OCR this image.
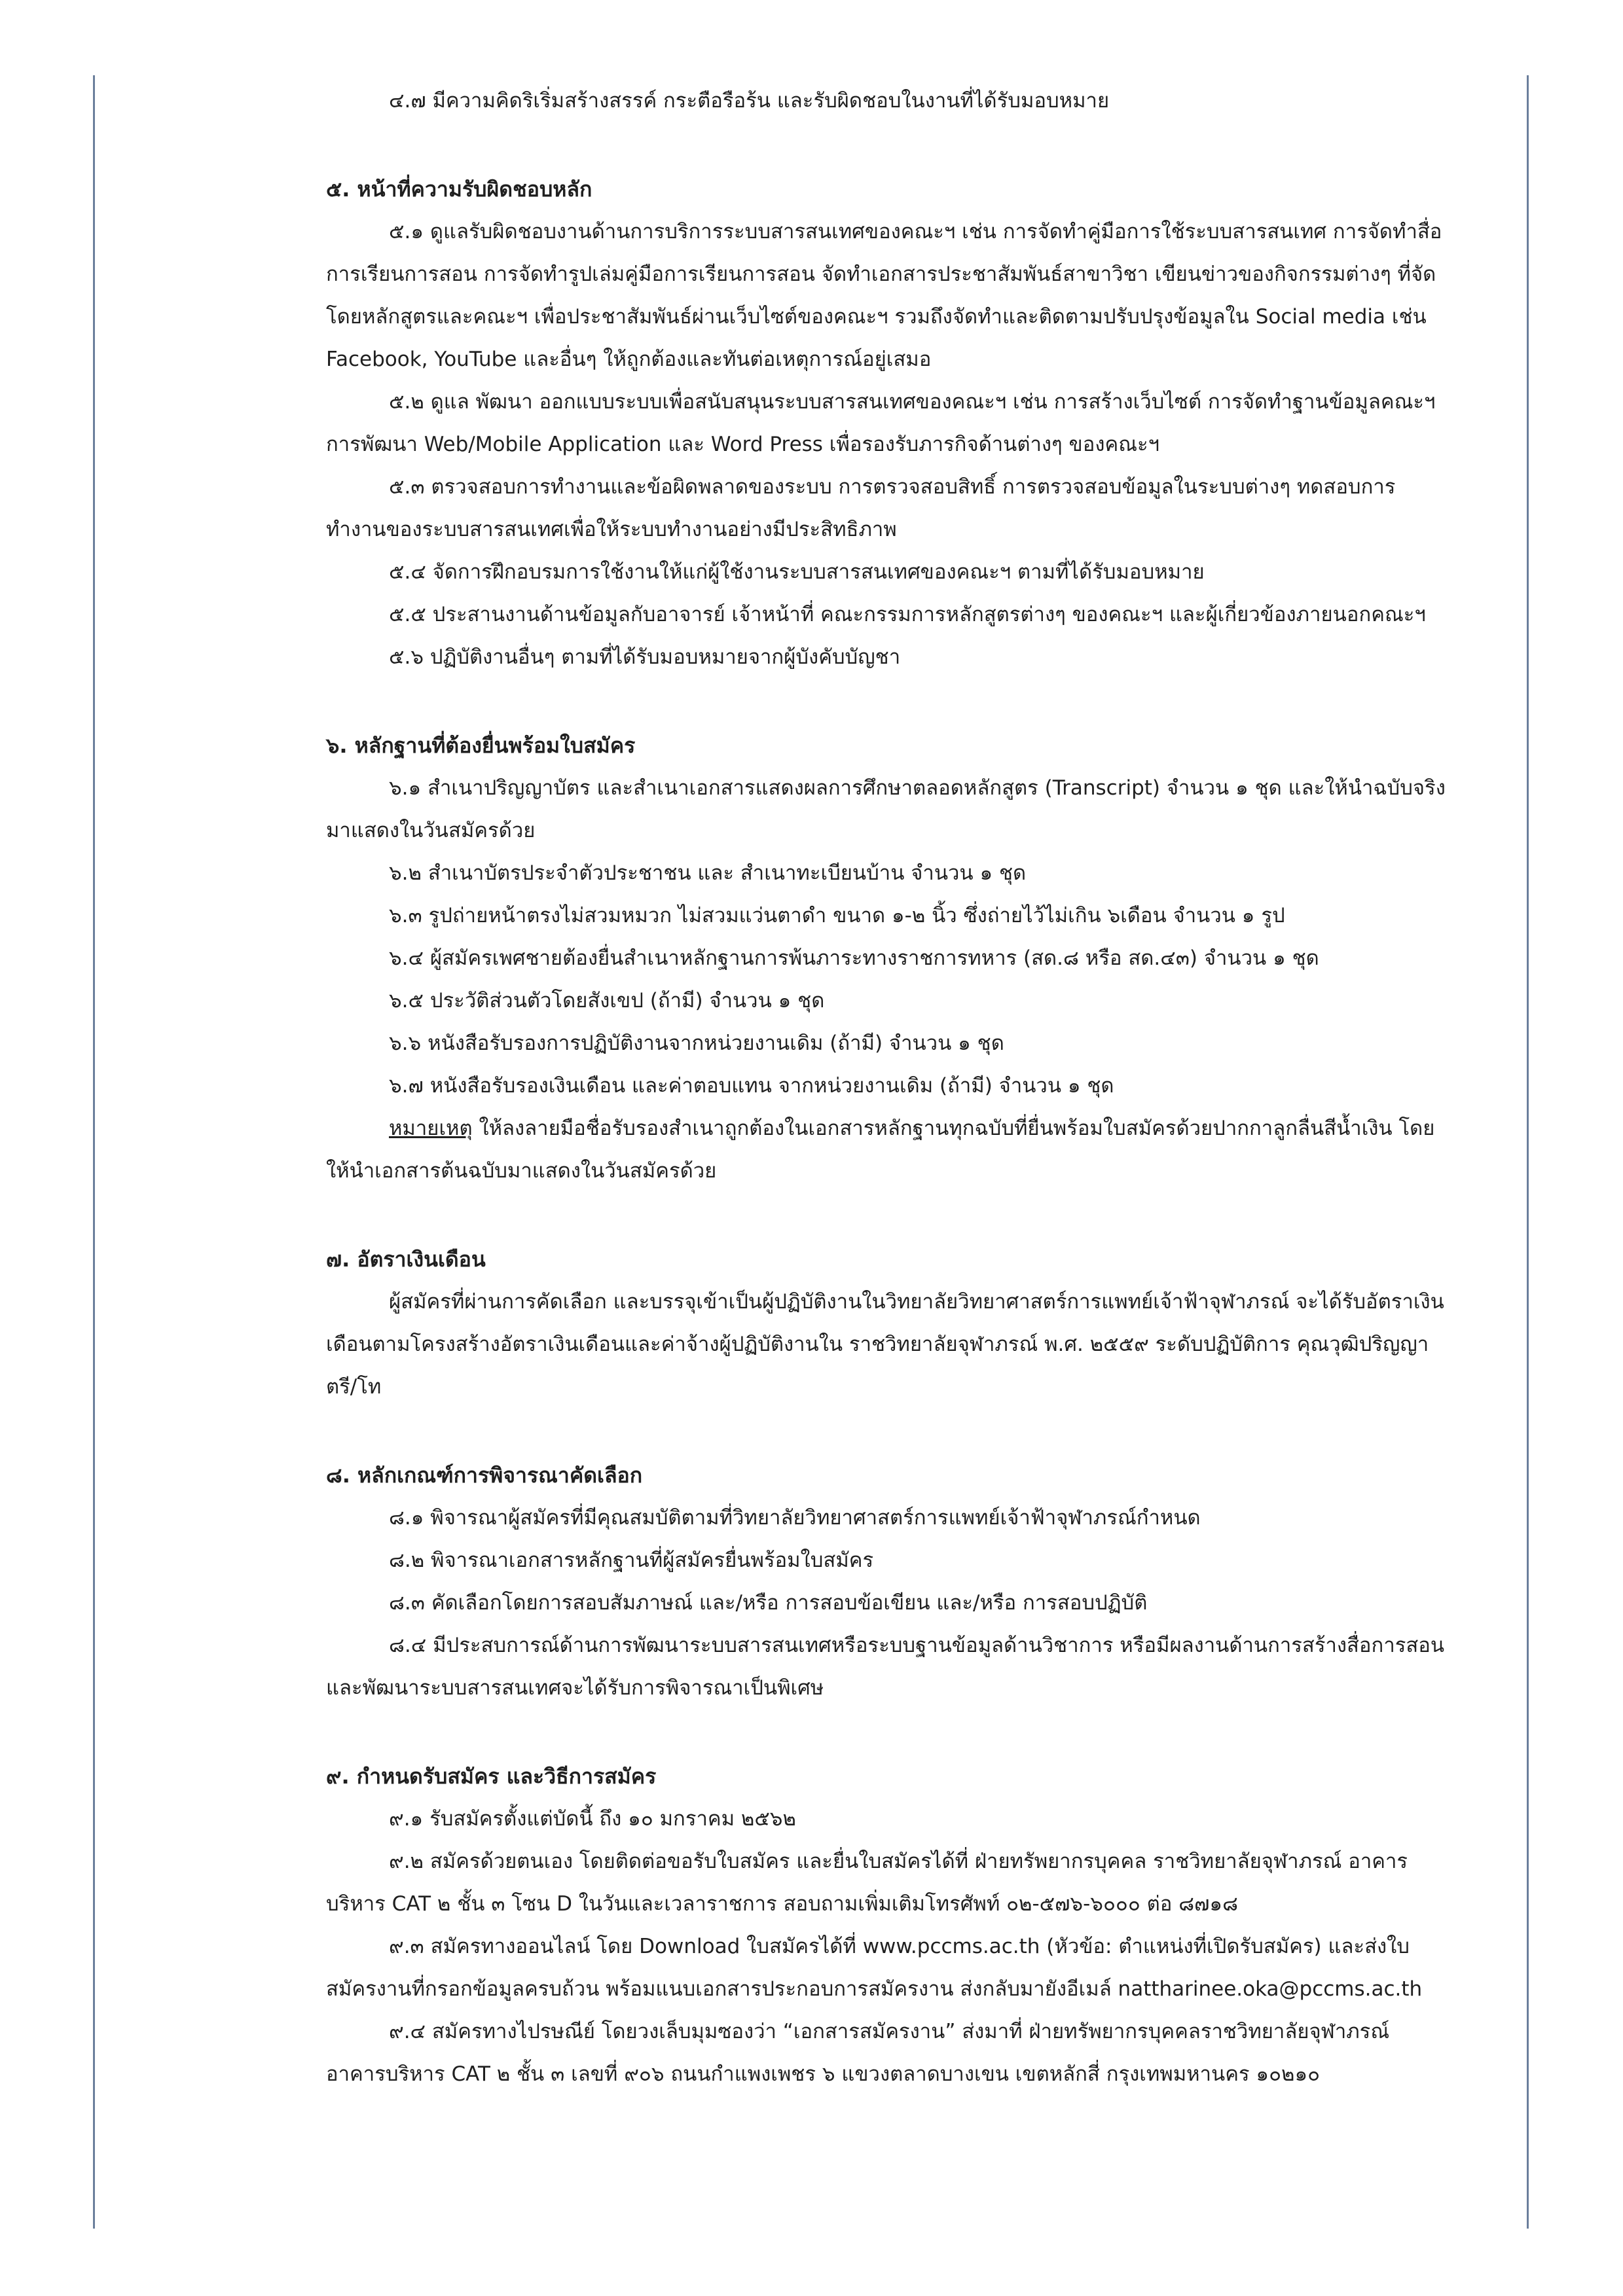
๔.๗ มีความคิดริเริ่มสร้างสรรค์ กระตือรือร้น และรับผิดชอบในงานที่ได้รับมอบหมาย

๕. หน้าที่ความรับผิดชอบหลัก

๕.๑ ดูแลรับผิดชอบงานด้านการบริการระบบสารสนเทศของคณะฯ เช่น การจัดทำคู่มือการใช้ระบบสารสนเทศ การจัดทำสื่อการเรียนการสอน การจัดทำรูปเล่มคู่มือการเรียนการสอน จัดทำเอกสารประชาสัมพันธ์สาขาวิชา เขียนข่าวของกิจกรรมต่างๆ ที่จัดโดยหลักสูตรและคณะฯ เพื่อประชาสัมพันธ์ผ่านเว็บไซต์ของคณะฯ รวมถึงจัดทำและติดตามปรับปรุงข้อมูลใน Social media เช่น Facebook, YouTube และอื่นๆ ให้ถูกต้องและทันต่อเหตุการณ์อยู่เสมอ

๕.๒ ดูแล พัฒนา ออกแบบระบบเพื่อสนับสนุนระบบสารสนเทศของคณะฯ เช่น การสร้างเว็บไซต์ การจัดทำฐานข้อมูลคณะฯ การพัฒนา Web/Mobile Application และ Word Press เพื่อรองรับภารกิจด้านต่างๆ ของคณะฯ

๕.๓ ตรวจสอบการทำงานและข้อผิดพลาดของระบบ การตรวจสอบสิทธิ์ การตรวจสอบข้อมูลในระบบต่างๆ ทดสอบการทำงานของระบบสารสนเทศเพื่อให้ระบบทำงานอย่างมีประสิทธิภาพ

๕.๔ จัดการฝึกอบรมการใช้งานให้แก่ผู้ใช้งานระบบสารสนเทศของคณะฯ ตามที่ได้รับมอบหมาย

๕.๕ ประสานงานด้านข้อมูลกับอาจารย์ เจ้าหน้าที่ คณะกรรมการหลักสูตรต่างๆ ของคณะฯ และผู้เกี่ยวข้องภายนอกคณะฯ

๕.๖ ปฏิบัติงานอื่นๆ ตามที่ได้รับมอบหมายจากผู้บังคับบัญชา

๖. หลักฐานที่ต้องยื่นพร้อมใบสมัคร

๖.๑ สำเนาปริญญาบัตร และสำเนาเอกสารแสดงผลการศึกษาตลอดหลักสูตร (Transcript) จำนวน ๑ ชุด และให้นำฉบับจริงมาแสดงในวันสมัครด้วย

๖.๒ สำเนาบัตรประจำตัวประชาชน และ สำเนาทะเบียนบ้าน จำนวน ๑ ชุด

๖.๓ รูปถ่ายหน้าตรงไม่สวมหมวก ไม่สวมแว่นตาดำ ขนาด ๑-๒ นิ้ว ซึ่งถ่ายไว้ไม่เกิน ๖เดือน จำนวน ๑ รูป

๖.๔ ผู้สมัครเพศชายต้องยื่นสำเนาหลักฐานการพ้นภาระทางราชการทหาร (สด.๘ หรือ สด.๔๓) จำนวน ๑ ชุด

๖.๕ ประวัติส่วนตัวโดยสังเขป (ถ้ามี) จำนวน ๑ ชุด

๖.๖ หนังสือรับรองการปฏิบัติงานจากหน่วยงานเดิม (ถ้ามี) จำนวน ๑ ชุด

๖.๗ หนังสือรับรองเงินเดือน และค่าตอบแทน จากหน่วยงานเดิม (ถ้ามี) จำนวน ๑ ชุด

หมายเหตุ ให้ลงลายมือชื่อรับรองสำเนาถูกต้องในเอกสารหลักฐานทุกฉบับที่ยื่นพร้อมใบสมัครด้วยปากกาลูกลื่นสีน้ำเงิน โดยให้นำเอกสารต้นฉบับมาแสดงในวันสมัครด้วย

๗. อัตราเงินเดือน

ผู้สมัครที่ผ่านการคัดเลือก และบรรจุเข้าเป็นผู้ปฏิบัติงานในวิทยาลัยวิทยาศาสตร์การแพทย์เจ้าฟ้าจุฬาภรณ์ จะได้รับอัตราเงินเดือนตามโครงสร้างอัตราเงินเดือนและค่าจ้างผู้ปฏิบัติงานใน ราชวิทยาลัยจุฬาภรณ์ พ.ศ. ๒๕๕๙ ระดับปฏิบัติการ คุณวุฒิปริญญาตรี/โท

๘. หลักเกณฑ์การพิจารณาคัดเลือก

๘.๑ พิจารณาผู้สมัครที่มีคุณสมบัติตามที่วิทยาลัยวิทยาศาสตร์การแพทย์เจ้าฟ้าจุฬาภรณ์กำหนด

๘.๒ พิจารณาเอกสารหลักฐานที่ผู้สมัครยื่นพร้อมใบสมัคร

๘.๓ คัดเลือกโดยการสอบสัมภาษณ์ และ/หรือ การสอบข้อเขียน และ/หรือ การสอบปฏิบัติ

๘.๔ มีประสบการณ์ด้านการพัฒนาระบบสารสนเทศหรือระบบฐานข้อมูลด้านวิชาการ หรือมีผลงานด้านการสร้างสื่อการสอน และพัฒนาระบบสารสนเทศจะได้รับการพิจารณาเป็นพิเศษ

๙. กำหนดรับสมัคร และวิธีการสมัคร

๙.๑ รับสมัครตั้งแต่บัดนี้ ถึง ๑๐ มกราคม ๒๕๖๒

๙.๒ สมัครด้วยตนเอง โดยติดต่อขอรับใบสมัคร และยื่นใบสมัครได้ที่ ฝ่ายทรัพยากรบุคคล ราชวิทยาลัยจุฬาภรณ์ อาคารบริหาร CAT ๒ ชั้น ๓ โซน D ในวันและเวลาราชการ สอบถามเพิ่มเติมโทรศัพท์ ๐๒-๕๗๖-๖๐๐๐ ต่อ ๘๗๑๘

๙.๓ สมัครทางออนไลน์ โดย Download ใบสมัครได้ที่ www.pccms.ac.th (หัวข้อ: ตำแหน่งที่เปิดรับสมัคร) และส่งใบสมัครงานที่กรอกข้อมูลครบถ้วน พร้อมแนบเอกสารประกอบการสมัครงาน ส่งกลับมายังอีเมล์ nattharinee.oka@pccms.ac.th

๙.๔ สมัครทางไปรษณีย์ โดยวงเล็บมุมซองว่า “เอกสารสมัครงาน” ส่งมาที่ ฝ่ายทรัพยากรบุคคลราชวิทยาลัยจุฬาภรณ์ อาคารบริหาร CAT ๒ ชั้น ๓ เลขที่ ๙๐๖ ถนนกำแพงเพชร ๖ แขวงตลาดบางเขน เขตหลักสี่ กรุงเทพมหานคร ๑๐๒๑๐
